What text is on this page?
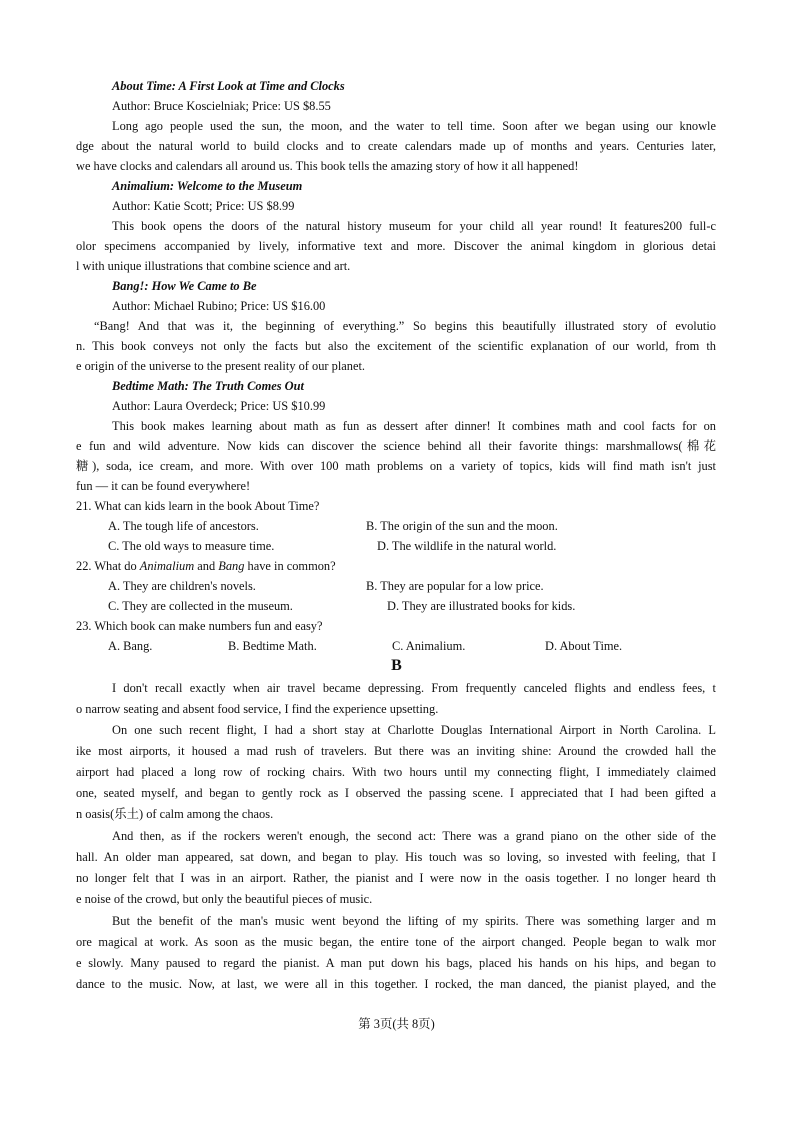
About Time: A First Look at Time and Clocks
Author: Bruce Koscielniak; Price: US $8.55
Long ago people used the sun, the moon, and the water to tell time. Soon after we began using our knowle
dge about the natural world to build clocks and to create calendars made up of months and years. Centuries later,
we have clocks and calendars all around us. This book tells the amazing story of how it all happened!
Animalium: Welcome to the Museum
Author: Katie Scott; Price: US $8.99
This book opens the doors of the natural history museum for your child all year round! It features200 full-c
olor specimens accompanied by lively, informative text and more. Discover the animal kingdom in glorious detai
l with unique illustrations that combine science and art.
Bang!: How We Came to Be
Author: Michael Rubino; Price: US $16.00
“Bang! And that was it, the beginning of everything.” So begins this beautifully illustrated story of evolutio
n. This book conveys not only the facts but also the excitement of the scientific explanation of our world, from th
e origin of the universe to the present reality of our planet.
Bedtime Math: The Truth Comes Out
Author: Laura Overdeck; Price: US $10.99
This book makes learning about math as fun as dessert after dinner! It combines math and cool facts for on
e fun and wild adventure. Now kids can discover the science behind all their favorite things: marshmallows(棉花
糖), soda, ice cream, and more. With over 100 math problems on a variety of topics, kids will find math isn't just
fun — it can be found everywhere!
21. What can kids learn in the book About Time?
A. The tough life of ancestors.	B. The origin of the sun and the moon.
C. The old ways to measure time.	D. The wildlife in the natural world.
22. What do Animalium and Bang have in common?
A. They are children's novels.	B. They are popular for a low price.
C. They are collected in the museum.	D. They are illustrated books for kids.
23. Which book can make numbers fun and easy?
A. Bang.	B. Bedtime Math.	C. Animalium.	D. About Time.
B
I don't recall exactly when air travel became depressing. From frequently canceled flights and endless fees, t
o narrow seating and absent food service, I find the experience upsetting.
On one such recent flight, I had a short stay at Charlotte Douglas International Airport in North Carolina. L
ike most airports, it housed a mad rush of travelers. But there was an inviting shine: Around the crowded hall the
airport had placed a long row of rocking chairs. With two hours until my connecting flight, I immediately claimed
one, seated myself, and began to gently rock as I observed the passing scene. I appreciated that I had been gifted a
n oasis(乐土) of calm among the chaos.
And then, as if the rockers weren't enough, the second act: There was a grand piano on the other side of the
hall. An older man appeared, sat down, and began to play. His touch was so loving, so invested with feeling, that I
no longer felt that I was in an airport. Rather, the pianist and I were now in the oasis together. I no longer heard th
e noise of the crowd, but only the beautiful pieces of music.
But the benefit of the man's music went beyond the lifting of my spirits. There was something larger and m
ore magical at work. As soon as the music began, the entire tone of the airport changed. People began to walk mor
e slowly. Many paused to regard the pianist. A man put down his bags, placed his hands on his hips, and began to
dance to the music. Now, at last, we were all in this together. I rocked, the man danced, the pianist played, and the
第 3页(共 8页)
